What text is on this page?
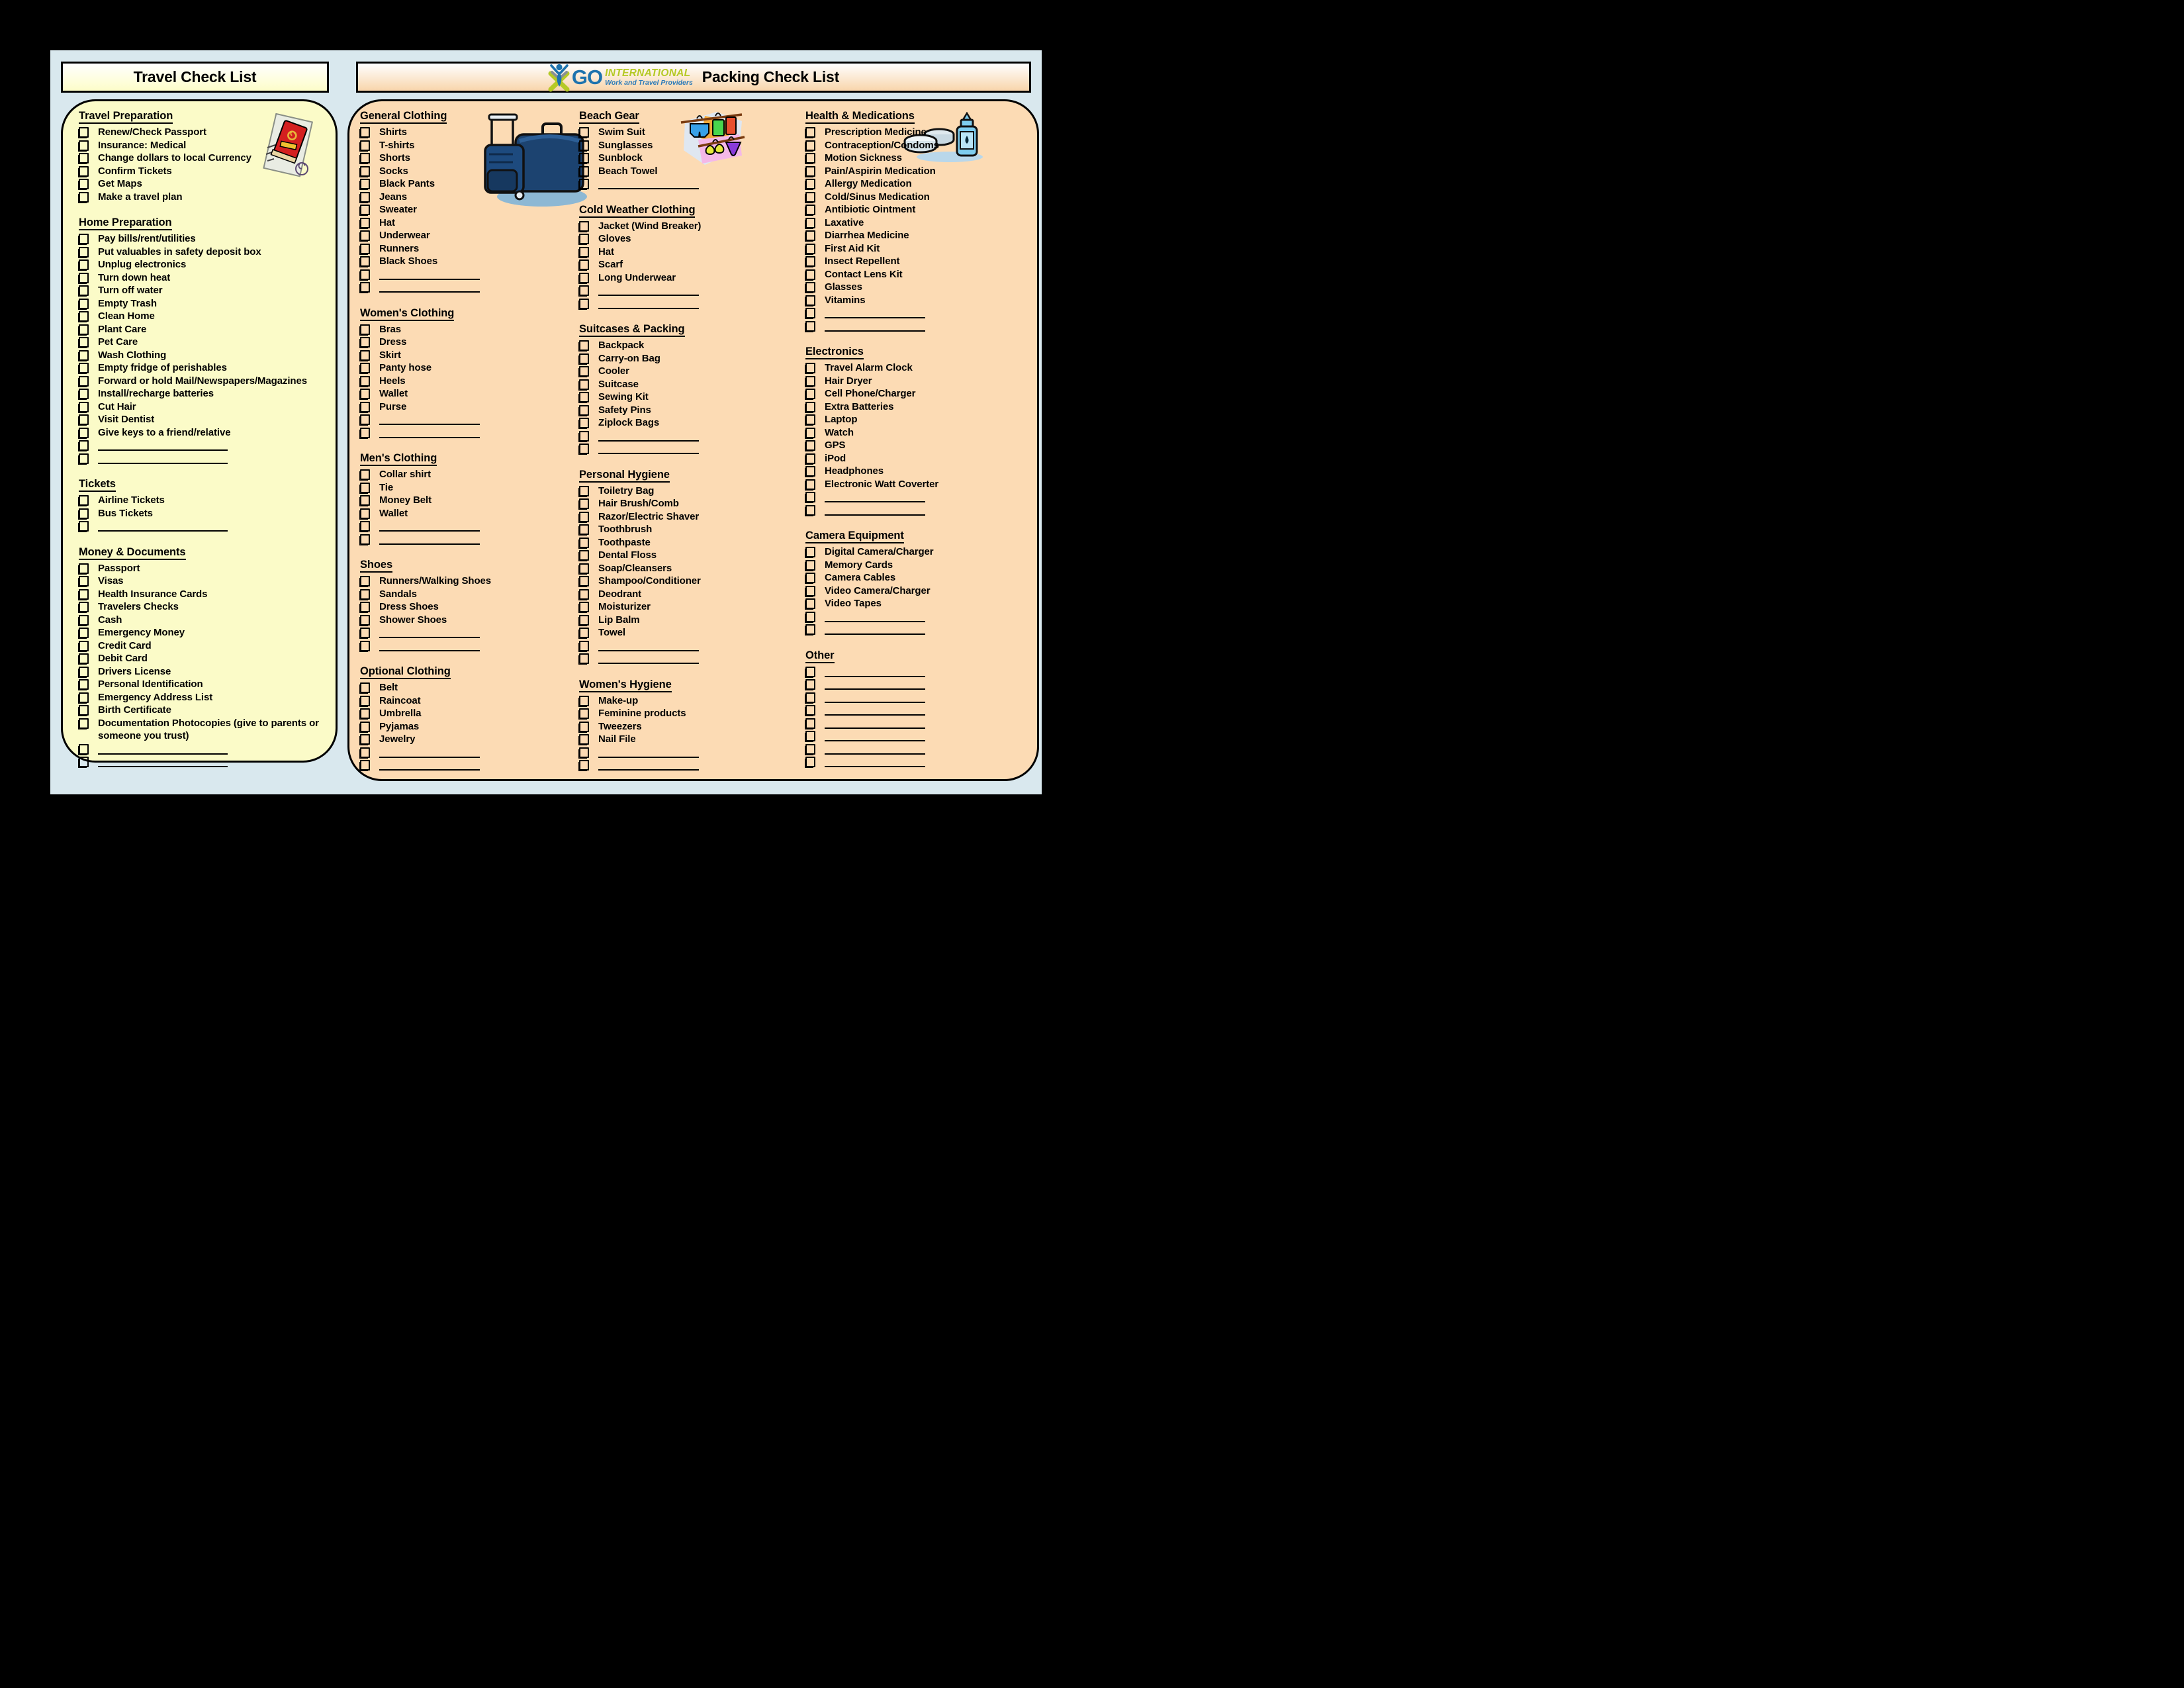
Travel Check List	GO INTERNATIONAL
Work and Travel Providers Packing Check List
Travel Preparation
Renew/Check Passport
Insurance: Medical
Change dollars to local Currency
Confirm Tickets
Get Maps
Make a travel plan
Home Preparation
Pay bills/rent/utilities
Put valuables in safety deposit box
Unplug electronics
Turn down heat
Turn off water
Empty Trash
Clean Home
Plant Care
Pet Care
Wash Clothing
Empty fridge of perishables
Forward or hold Mail/Newspapers/Magazines
Install/recharge batteries
Cut Hair
Visit Dentist
Give keys to a friend/relative
Tickets
Airline Tickets
Bus Tickets
Money & Documents
Passport
Visas
Health Insurance Cards
Travelers Checks
Cash
Emergency Money
Credit Card
Debit Card
Drivers License
Personal Identification
Emergency Address List
Birth Certificate
Documentation Photocopies (give to parents or someone you trust)
General Clothing
Shirts
T-shirts
Shorts
Socks
Black Pants
Jeans
Sweater
Hat
Underwear
Runners
Black Shoes
Women's Clothing
Bras
Dress
Skirt
Panty hose
Heels
Wallet
Purse
Men's Clothing
Collar shirt
Tie
Money Belt
Wallet
Shoes
Runners/Walking Shoes
Sandals
Dress Shoes
Shower Shoes
Optional Clothing
Belt
Raincoat
Umbrella
Pyjamas
Jewelry
Beach Gear
Swim Suit
Sunglasses
Sunblock
Beach Towel
Cold Weather Clothing
Jacket (Wind Breaker)
Gloves
Hat
Scarf
Long Underwear
Suitcases & Packing
Backpack
Carry-on Bag
Cooler
Suitcase
Sewing Kit
Safety Pins
Ziplock Bags
Personal Hygiene
Toiletry Bag
Hair Brush/Comb
Razor/Electric Shaver
Toothbrush
Toothpaste
Dental Floss
Soap/Cleansers
Shampoo/Conditioner
Deodrant
Moisturizer
Lip Balm
Towel
Women's Hygiene
Make-up
Feminine products
Tweezers
Nail File
Health & Medications
Prescription Medicine
Contraception/Condoms
Motion Sickness
Pain/Aspirin Medication
Allergy Medication
Cold/Sinus Medication
Antibiotic Ointment
Laxative
Diarrhea Medicine
First Aid Kit
Insect Repellent
Contact Lens Kit
Glasses
Vitamins
Electronics
Travel Alarm Clock
Hair Dryer
Cell Phone/Charger
Extra Batteries
Laptop
Watch
GPS
iPod
Headphones
Electronic Watt Coverter
Camera Equipment
Digital Camera/Charger
Memory Cards
Camera Cables
Video Camera/Charger
Video Tapes
Other
